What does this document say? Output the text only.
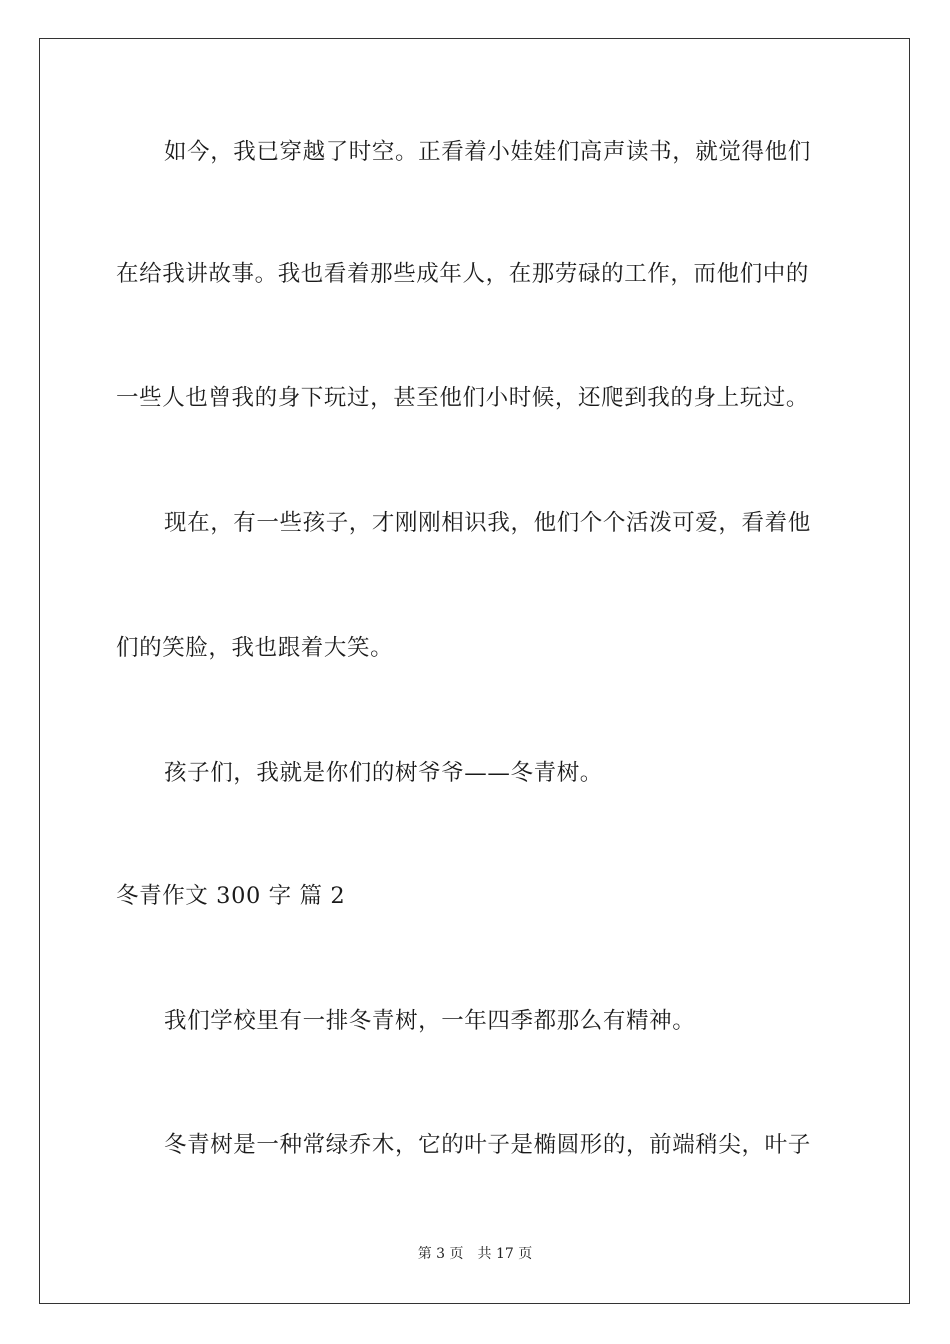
如今，我已穿越了时空。正看着小娃娃们高声读书，就觉得他们
在给我讲故事。我也看着那些成年人，在那劳碌的工作，而他们中的
一些人也曾我的身下玩过，甚至他们小时候，还爬到我的身上玩过。
现在，有一些孩子，才刚刚相识我，他们个个活泼可爱，看着他
们的笑脸，我也跟着大笑。
孩子们，我就是你们的树爷爷——冬青树。
冬青作文 300 字 篇 2
我们学校里有一排冬青树，一年四季都那么有精神。
冬青树是一种常绿乔木，它的叶子是椭圆形的，前端稍尖，叶子
第 3 页 共 17 页
